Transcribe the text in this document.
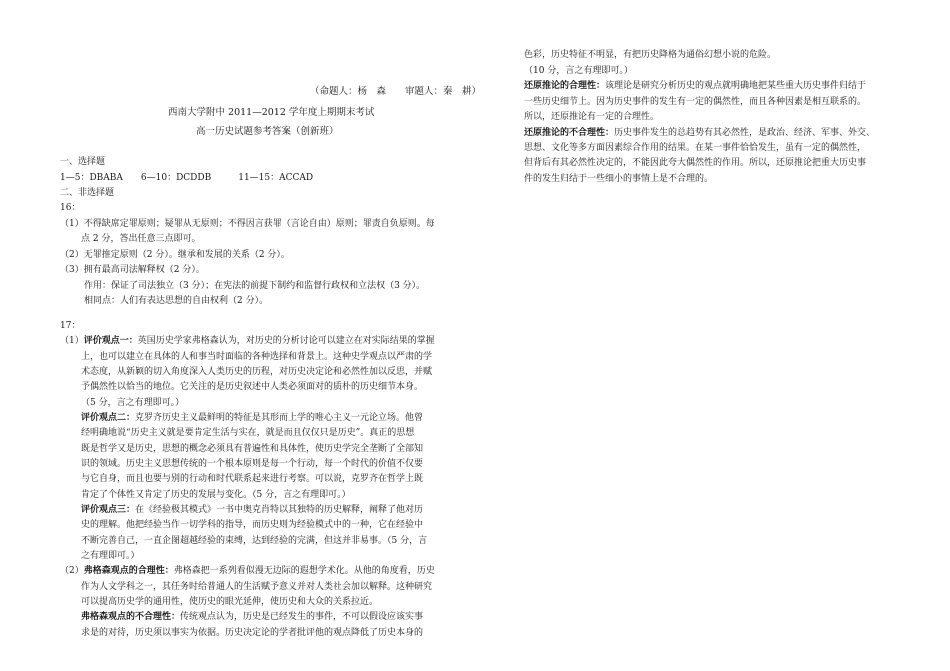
（命题人：杨　森　　审题人：秦　耕）
西南大学附中 2011—2012 学年度上期期末考试
高一历史试题参考答案（创新班）
一、选择题
1—5：DBABA　　6—10：DCDDB　　　11—15：ACCAD
二、非选择题
16：
（1）不得缺席定罪原则；疑罪从无原则；不得因言获罪（言论自由）原则；罪责自负原则。每
点 2 分，答出任意三点即可。
（2）无罪推定原则（2 分）。继承和发展的关系（2 分）。
（3）拥有最高司法解释权（2 分）。
作用：保证了司法独立（3 分）；在宪法的前提下制约和监督行政权和立法权（3 分）。
相同点：人们有表达思想的自由权利（2 分）。
17：
（1）评价观点一：英国历史学家弗格森认为，对历史的分析讨论可以建立在对实际结果的掌握
上，也可以建立在具体的人和事当时面临的各种选择和背景上。这种史学观点以严肃的学
术态度，从新颖的切入角度深入人类历史的历程，对历史决定论和必然性加以反思，并赋
予偶然性以恰当的地位。它关注的是历史叙述中人类必须面对的质朴的历史细节本身。
（5 分，言之有理即可。）
评价观点二：克罗齐历史主义最鲜明的特征是其形而上学的唯心主义一元论立场。他曾
经明确地说“历史主义就是要肯定生活与实在，就是而且仅仅只是历史”。真正的思想
既是哲学又是历史，思想的概念必须具有普遍性和具体性，使历史学完全垄断了全部知
识的领域。历史主义思想传统的一个根本原则是每一个行动，每一个时代的价值不仅要
与它自身，而且也要与别的行动和时代联系起来进行考察。可以说，克罗齐在哲学上既
肯定了个体性又肯定了历史的发展与变化。（5 分，言之有理即可。）
评价观点三：在《经验极其模式》一书中奥克肖特以其独特的历史解释，阐释了他对历
史的理解。他把经验当作一切学科的指导，而历史则为经验模式中的一种，它在经验中
不断完善自己，一直企图超越经验的束缚，达到经验的完满，但这并非易事。（5 分，言
之有理即可。）
（2）弗格森观点的合理性：弗格森把一系列看似漫无边际的遐想学术化。从他的角度看，历史
作为人文学科之一，其任务时给普通人的生活赋予意义并对人类社会加以解释。这种研究
可以提高历史学的通用性，使历史的眼光延伸，使历史和大众的关系拉近。
弗格森观点的不合理性：传统观点认为，历史是已经发生的事件，不可以假设应该实事
求是的对待，历史须以事实为依据。历史决定论的学者批评他的观点降低了历史本身的
色彩，历史特征不明显，有把历史降格为通俗幻想小说的危险。
（10 分，言之有理即可。）
还原推论的合理性：该理论是研究分析历史的观点就明确地把某些重大历史事件归结于
一些历史细节上。因为历史事件的发生有一定的偶然性，而且各种因素是相互联系的。
所以，还原推论有一定的合理性。
还原推论的不合理性：历史事件发生的总趋势有其必然性，是政治、经济、军事、外交、
思想、文化等多方面因素综合作用的结果。在某一事件恰恰发生，虽有一定的偶然性，
但背后有其必然性决定的，不能因此夸大偶然性的作用。所以，还原推论把重大历史事
件的发生归结于一些细小的事情上是不合理的。
